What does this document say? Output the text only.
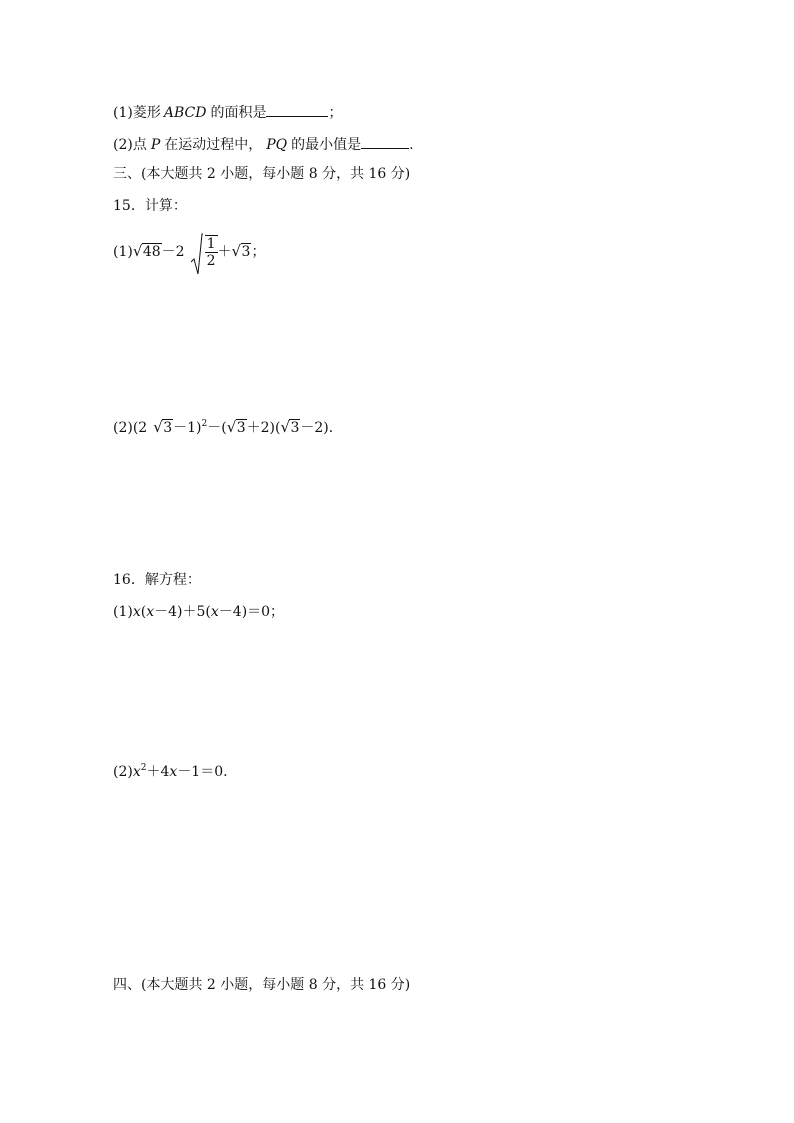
(1)菱形 ABCD 的面积是	；
(2)点 P 在运动过程中， PQ 的最小值是	.
三、(本大题共 2 小题，每小题 8 分，共 16 分)
15．计算：
(1) √ $48-2 \frac{1}{2}$ ＋ √ 3；
(2)(2 √ 3－1)$^2$－( √ 3＋2)( √ 3－2)．
16．解方程：
(1)x(x－4)＋5(x－4)＝0；
$(2)x^2+4x-1=0$.
四、(本大题共 2 小题，每小题 8 分，共 16 分)
